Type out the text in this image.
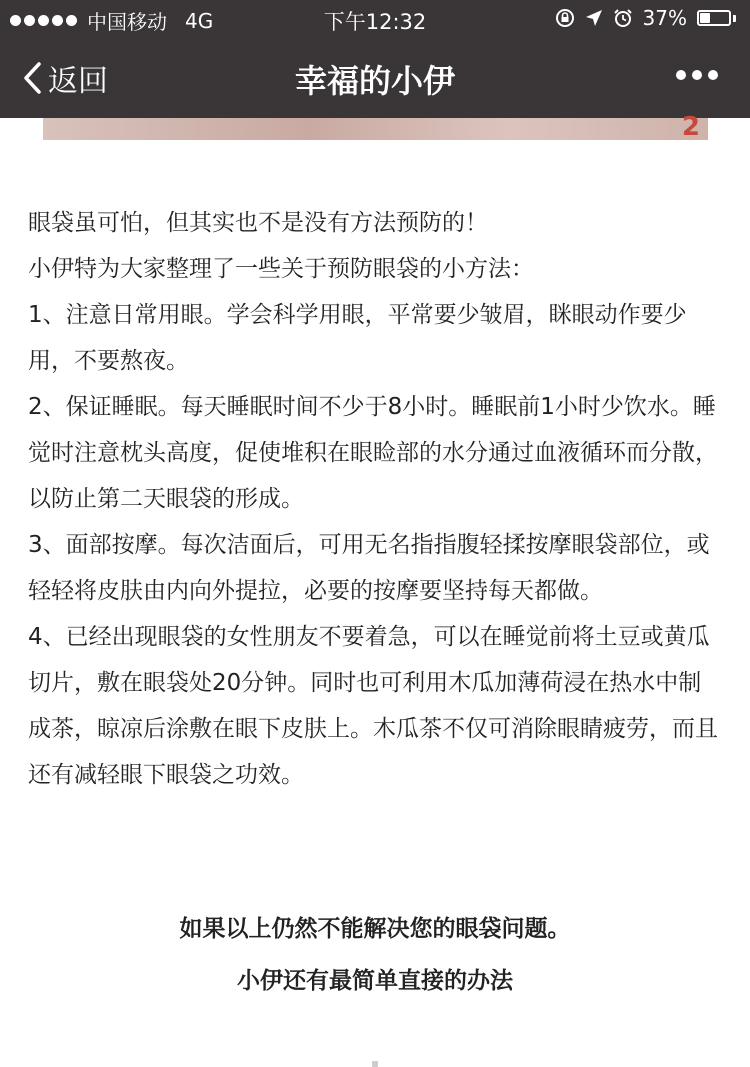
中国移动 4G	下午12:32	37%
返回	幸福的小伊
2

眼袋虽可怕，但其实也不是没有方法预防的！

小伊特为大家整理了一些关于预防眼袋的小方法：

1、注意日常用眼。学会科学用眼，平常要少皱眉，眯眼动作要少用，不要熬夜。

2、保证睡眠。每天睡眠时间不少于8小时。睡眠前1小时少饮水。睡觉时注意枕头高度，促使堆积在眼睑部的水分通过血液循环而分散，以防止第二天眼袋的形成。

3、面部按摩。每次洁面后，可用无名指指腹轻揉按摩眼袋部位，或轻轻将皮肤由内向外提拉，必要的按摩要坚持每天都做。

4、已经出现眼袋的女性朋友不要着急，可以在睡觉前将土豆或黄瓜切片，敷在眼袋处20分钟。同时也可利用木瓜加薄荷浸在热水中制成茶，晾凉后涂敷在眼下皮肤上。木瓜茶不仅可消除眼睛疲劳，而且还有减轻眼下眼袋之功效。

如果以上仍然不能解决您的眼袋问题。
小伊还有最简单直接的办法
